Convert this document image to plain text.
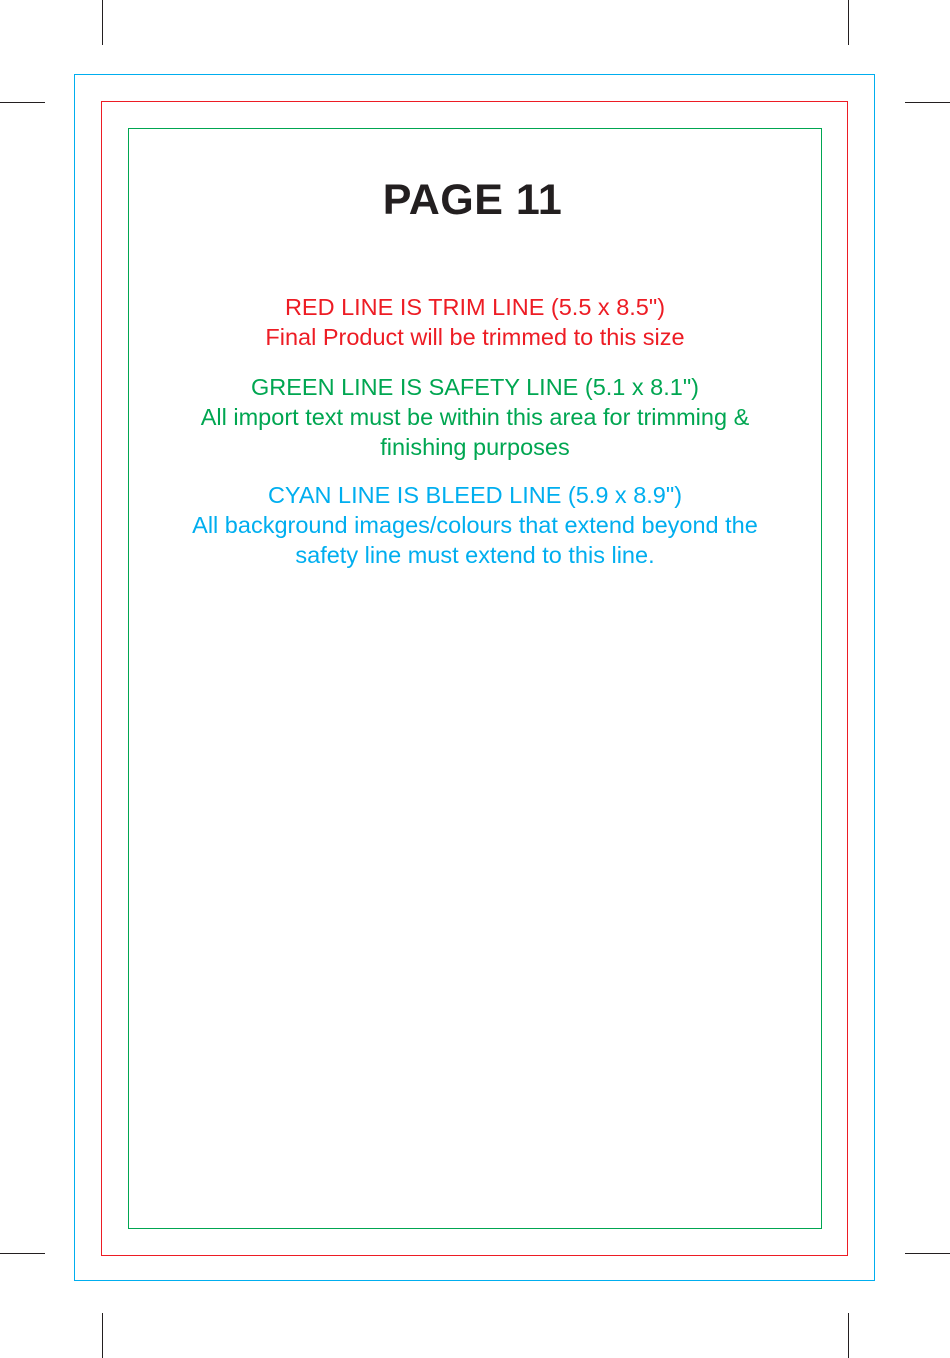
PAGE 11
RED LINE IS TRIM LINE (5.5 x 8.5")
Final Product will be trimmed to this size
GREEN LINE IS SAFETY LINE (5.1 x 8.1")
All import text must be within this area for trimming &
finishing purposes
CYAN LINE IS BLEED LINE (5.9 x 8.9")
All background images/colours that extend beyond the
safety line must extend to this line.
